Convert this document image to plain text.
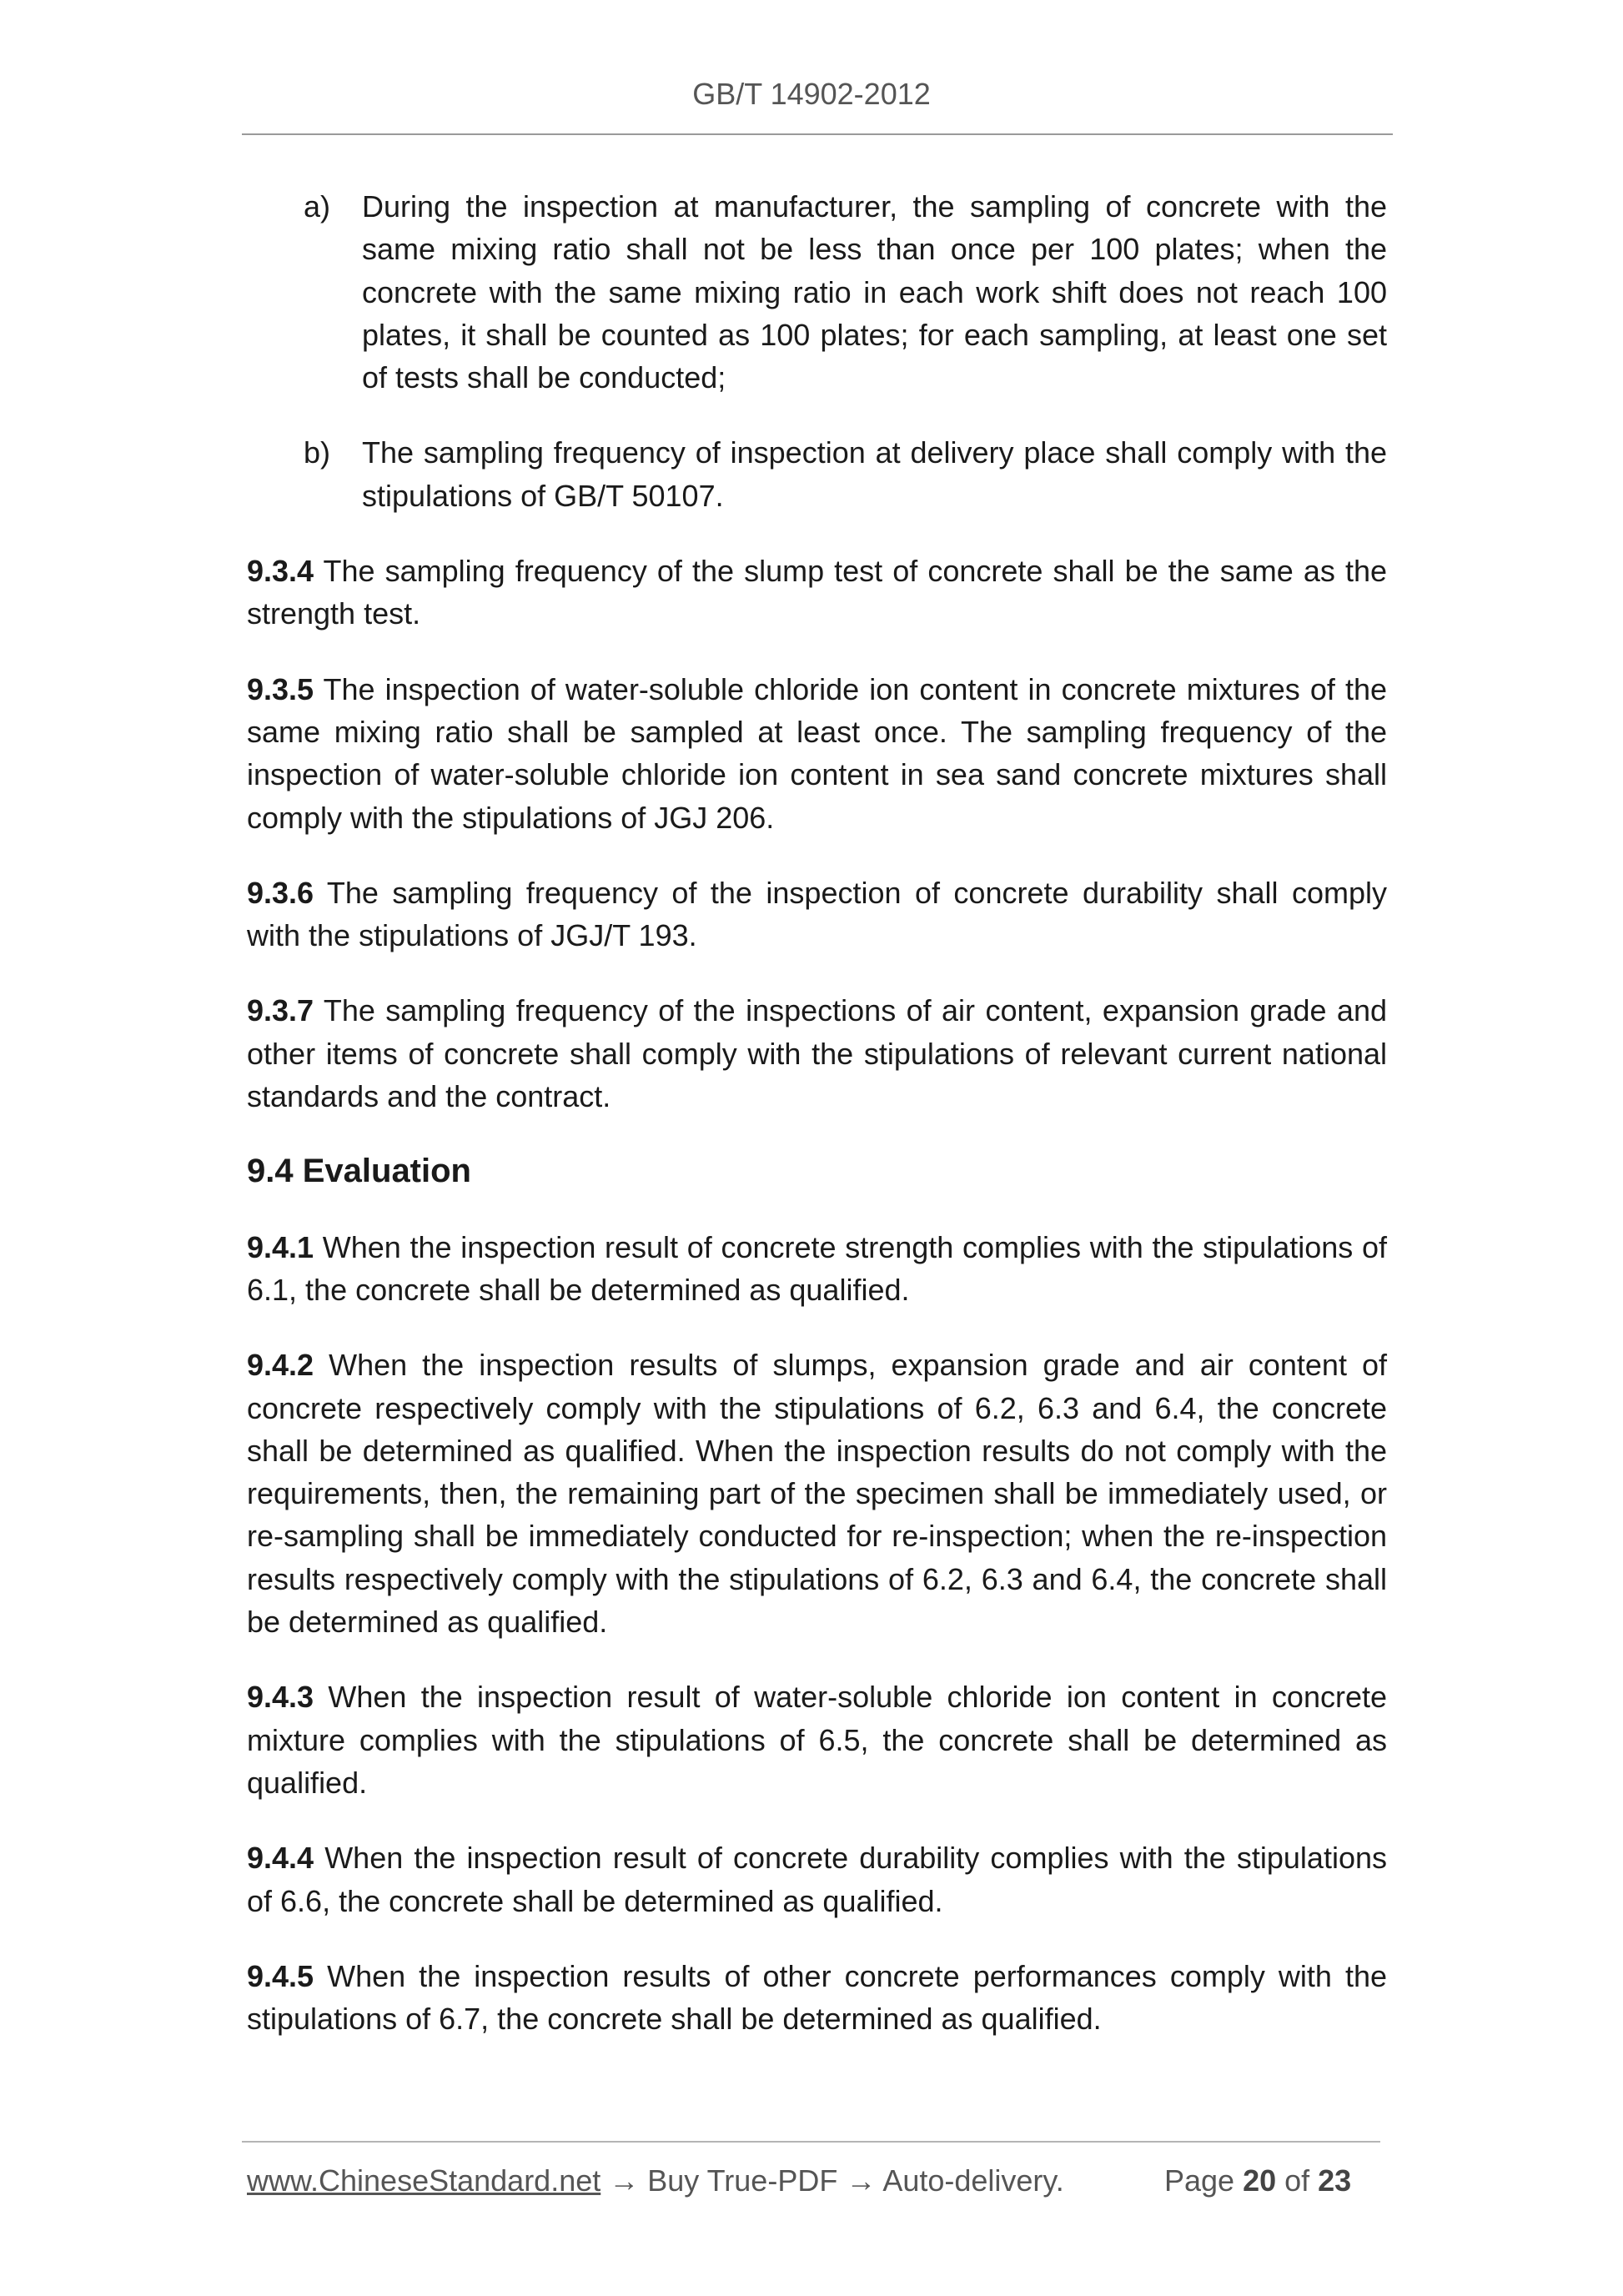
GB/T 14902-2012
a) During the inspection at manufacturer, the sampling of concrete with the same mixing ratio shall not be less than once per 100 plates; when the concrete with the same mixing ratio in each work shift does not reach 100 plates, it shall be counted as 100 plates; for each sampling, at least one set of tests shall be conducted;
b) The sampling frequency of inspection at delivery place shall comply with the stipulations of GB/T 50107.

9.3.4 The sampling frequency of the slump test of concrete shall be the same as the strength test.

9.3.5 The inspection of water-soluble chloride ion content in concrete mixtures of the same mixing ratio shall be sampled at least once. The sampling frequency of the inspection of water-soluble chloride ion content in sea sand concrete mixtures shall comply with the stipulations of JGJ 206.

9.3.6 The sampling frequency of the inspection of concrete durability shall comply with the stipulations of JGJ/T 193.

9.3.7 The sampling frequency of the inspections of air content, expansion grade and other items of concrete shall comply with the stipulations of relevant current national standards and the contract.

9.4 Evaluation

9.4.1 When the inspection result of concrete strength complies with the stipulations of 6.1, the concrete shall be determined as qualified.

9.4.2 When the inspection results of slumps, expansion grade and air content of concrete respectively comply with the stipulations of 6.2, 6.3 and 6.4, the concrete shall be determined as qualified. When the inspection results do not comply with the requirements, then, the remaining part of the specimen shall be immediately used, or re-sampling shall be immediately conducted for re-inspection; when the re-inspection results respectively comply with the stipulations of 6.2, 6.3 and 6.4, the concrete shall be determined as qualified.

9.4.3 When the inspection result of water-soluble chloride ion content in concrete mixture complies with the stipulations of 6.5, the concrete shall be determined as qualified.

9.4.4 When the inspection result of concrete durability complies with the stipulations of 6.6, the concrete shall be determined as qualified.

9.4.5 When the inspection results of other concrete performances comply with the stipulations of 6.7, the concrete shall be determined as qualified.

www.ChineseStandard.net → Buy True-PDF → Auto-delivery.	Page 20 of 23
